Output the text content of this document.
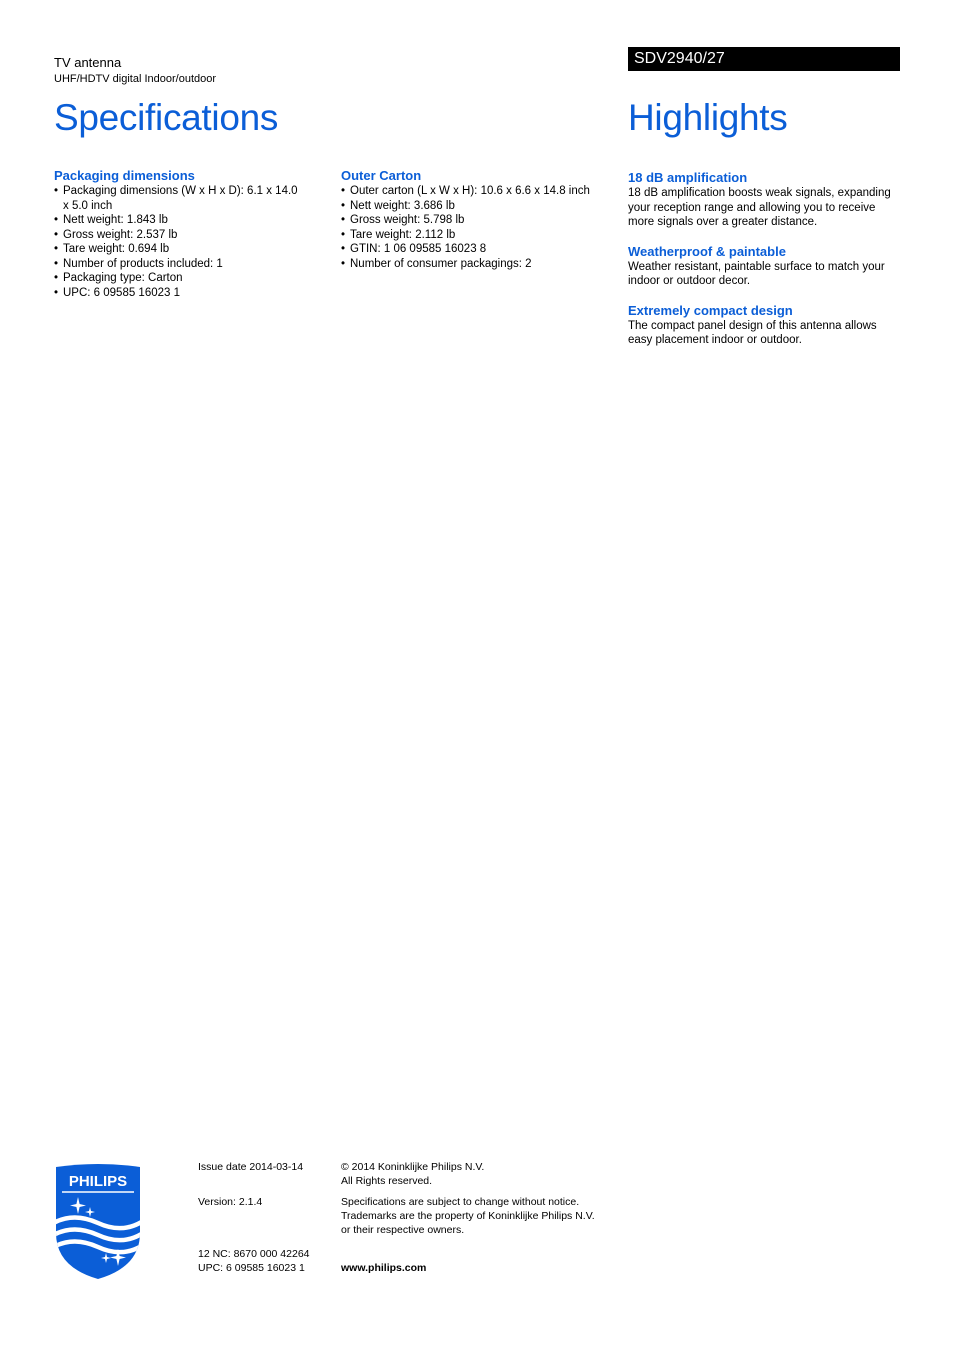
TV antenna
UHF/HDTV digital Indoor/outdoor
Specifications
SDV2940/27
Highlights
Packaging dimensions
• Packaging dimensions (W x H x D): 6.1 x 14.0 x 5.0 inch
• Nett weight: 1.843 lb
• Gross weight: 2.537 lb
• Tare weight: 0.694 lb
• Number of products included: 1
• Packaging type: Carton
• UPC: 6 09585 16023 1
Outer Carton
• Outer carton (L x W x H): 10.6 x 6.6 x 14.8 inch
• Nett weight: 3.686 lb
• Gross weight: 5.798 lb
• Tare weight: 2.112 lb
• GTIN: 1 06 09585 16023 8
• Number of consumer packagings: 2
18 dB amplification

18 dB amplification boosts weak signals, expanding your reception range and allowing you to receive more signals over a greater distance.

Weatherproof & paintable

Weather resistant, paintable surface to match your indoor or outdoor decor.

Extremely compact design

The compact panel design of this antenna allows easy placement indoor or outdoor.

PHILIPS
Issue date 2014-03-14
Version: 2.1.4
12 NC: 8670 000 42264
UPC: 6 09585 16023 1
© 2014 Koninklijke Philips N.V.
All Rights reserved.
Specifications are subject to change without notice.
Trademarks are the property of Koninklijke Philips N.V.
or their respective owners.
www.philips.com
